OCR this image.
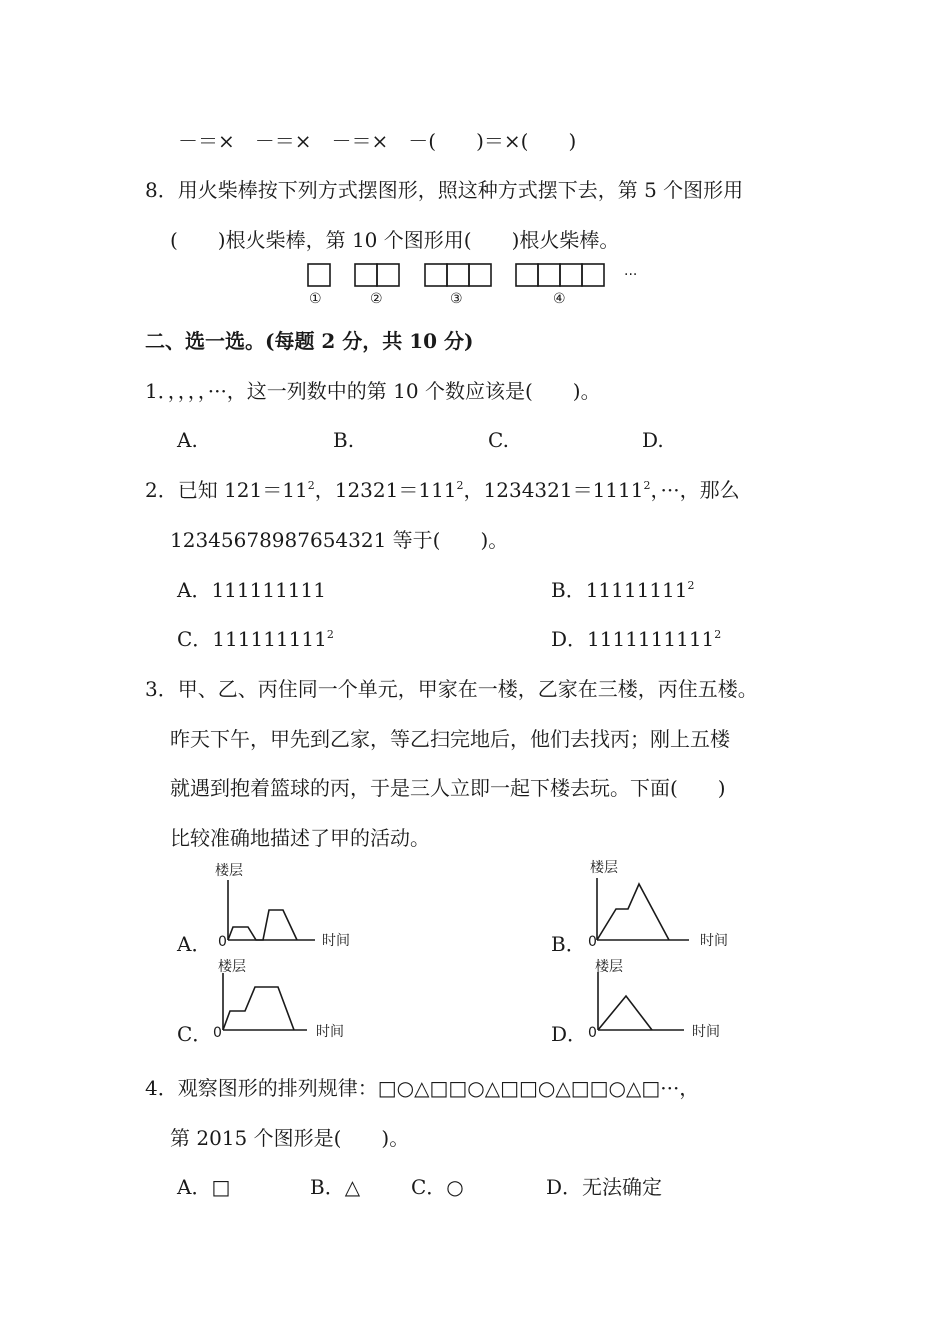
－＝×　－＝×　－＝×　－(　　)＝×(　　)
8．用火柴棒按下列方式摆图形，照这种方式摆下去，第 5 个图形用
(　　)根火柴棒，第 10 个图形用(　　)根火柴棒。
①	②	③	④
···
二、选一选。(每题 2 分，共 10 分)
1．，，，，···，这一列数中的第 10 个数应该是(　　)。
A.	B.	C.	D.
2．已知 $121=11^2$，$12321=111^2$，$1234321=1111^2$，···，那么
12345678987654321 等于(　　)。
A．111111111	B．11111111$^2$
C．111111111$^2$	D．1111111111$^2$
3．甲、乙、丙住同一个单元，甲家在一楼，乙家在三楼，丙住五楼。
昨天下午，甲先到乙家，等乙扫完地后，他们去找丙；刚上五楼
就遇到抱着篮球的丙，于是三人立即一起下楼去玩。下面(　　)
比较准确地描述了甲的活动。
A．
楼层
0	时间	B．
楼层
0	时间
C．
楼层
0	时间	D．
楼层
0	时间
4．观察图形的排列规律：□○△□□○△□□○△□□○△□···，
第 2015 个图形是(　　)。
A．□	B．△	C．○	D．无法确定
